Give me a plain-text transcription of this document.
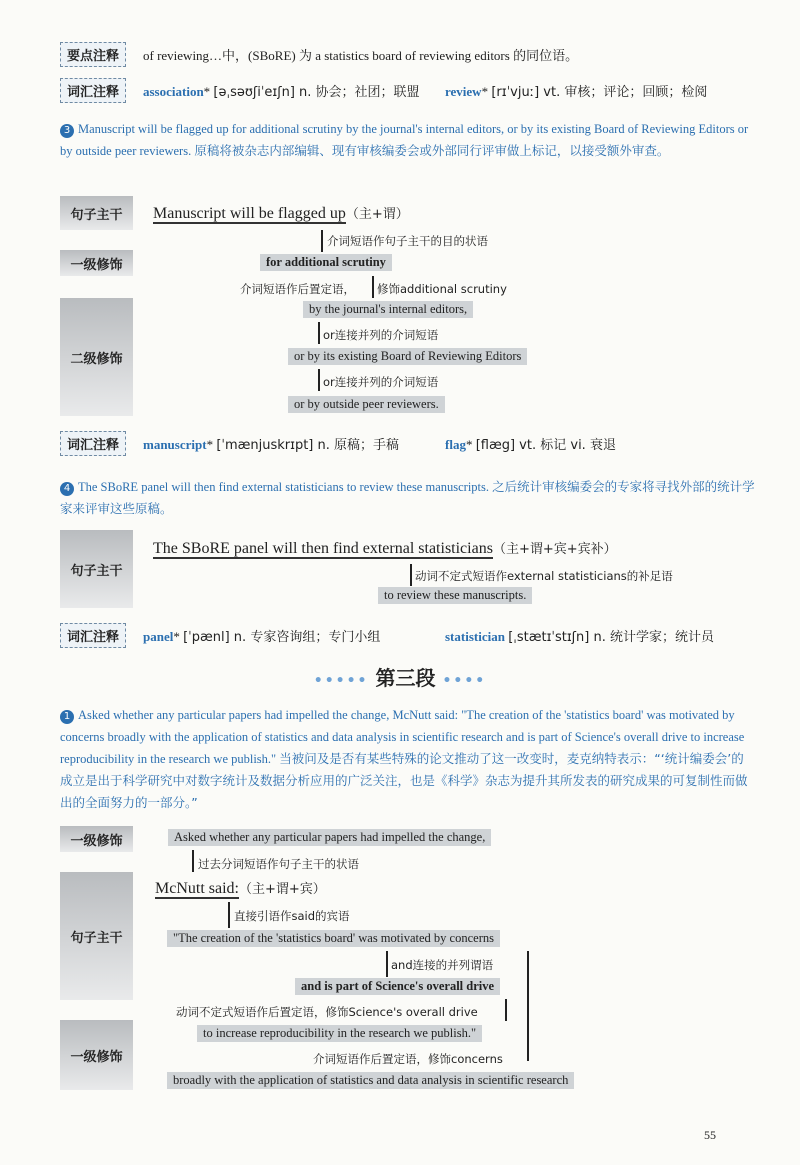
要点注释	of reviewing…中，(SBoRE) 为 a statistics board of reviewing editors 的同位语。
词汇注释	association* [əˌsəʊʃiˈeɪʃn] n. 协会；社团；联盟 review* [rɪˈvjuː] vt. 审核；评论；回顾；检阅
3 Manuscript will be flagged up for additional scrutiny by the journal's internal editors, or by its existing Board of Reviewing Editors or by outside peer reviewers. 原稿将被杂志内部编辑、现有审核编委会或外部同行评审做上标记，以接受额外审查。
句子主干
一级修饰
二级修饰
Manuscript will be flagged up（主+谓）
介词短语作句子主干的目的状语
for additional scrutiny
介词短语作后置定语， 修饰additional scrutiny
by the journal's internal editors,
or连接并列的介词短语
or by its existing Board of Reviewing Editors
or连接并列的介词短语
or by outside peer reviewers.
词汇注释	manuscript* [ˈmænjuskrɪpt] n. 原稿；手稿	flag* [flæg] vt. 标记 vi. 衰退
4 The SBoRE panel will then find external statisticians to review these manuscripts. 之后统计审核编委会的专家将寻找外部的统计学家来评审这些原稿。
句子主干
The SBoRE panel will then find external statisticians（主+谓+宾+宾补）
动词不定式短语作external statisticians的补足语
to review these manuscripts.
词汇注释	panel* [ˈpænl] n. 专家咨询组；专门小组	statistician [ˌstætɪˈstɪʃn] n. 统计学家；统计员
••••• 第三段 ••••
1 Asked whether any particular papers had impelled the change, McNutt said: "The creation of the 'statistics board' was motivated by concerns broadly with the application of statistics and data analysis in scientific research and is part of Science's overall drive to increase reproducibility in the research we publish." 当被问及是否有某些特殊的论文推动了这一改变时，麦克纳特表示：“‘统计编委会’的成立是出于科学研究中对数字统计及数据分析应用的广泛关注，也是《科学》杂志为提升其所发表的研究成果的可复制性而做出的全面努力的一部分。”
一级修饰
句子主干
一级修饰
Asked whether any particular papers had impelled the change,
过去分词短语作句子主干的状语
McNutt said:（主+谓+宾）
直接引语作said的宾语
"The creation of the 'statistics board' was motivated by concerns
and连接的并列谓语
and is part of Science's overall drive
动词不定式短语作后置定语，修饰Science's overall drive
to increase reproducibility in the research we publish."
介词短语作后置定语，修饰concerns
broadly with the application of statistics and data analysis in scientific research
55
